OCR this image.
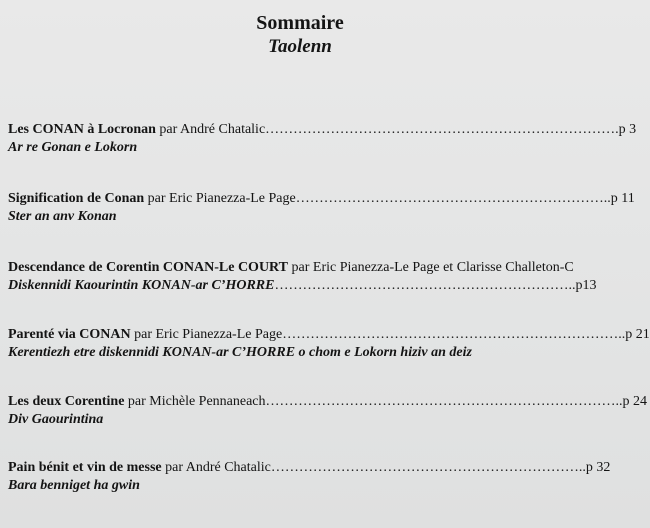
Sommaire
Taolenn
Les CONAN à Locronan par André Chatalic………………………………………………………………….p 3
Ar re Gonan e Lokorn
Signification de Conan par Eric Pianezza-Le Page…………………………………………………………..p 11
Ster an anv Konan
Descendance de Corentin CONAN-Le COURT par Eric Pianezza-Le Page et Clarisse Challeton-C
Diskennidi Kaourintin KONAN-ar C’HORRE………………………………………………………..p13
Parenté via CONAN par Eric Pianezza-Le Page………………………………………………………………..p 21
Kerentiezh etre diskennidi KONAN-ar C’HORRE o chom e Lokorn hiziv an deiz
Les deux Corentine par Michèle Pennaneach…………………………………………………………………..p 24
Div Gaourintina
Pain bénit et vin de messe par André Chatalic…………………………………………………………..p 32
Bara benniget ha gwin
